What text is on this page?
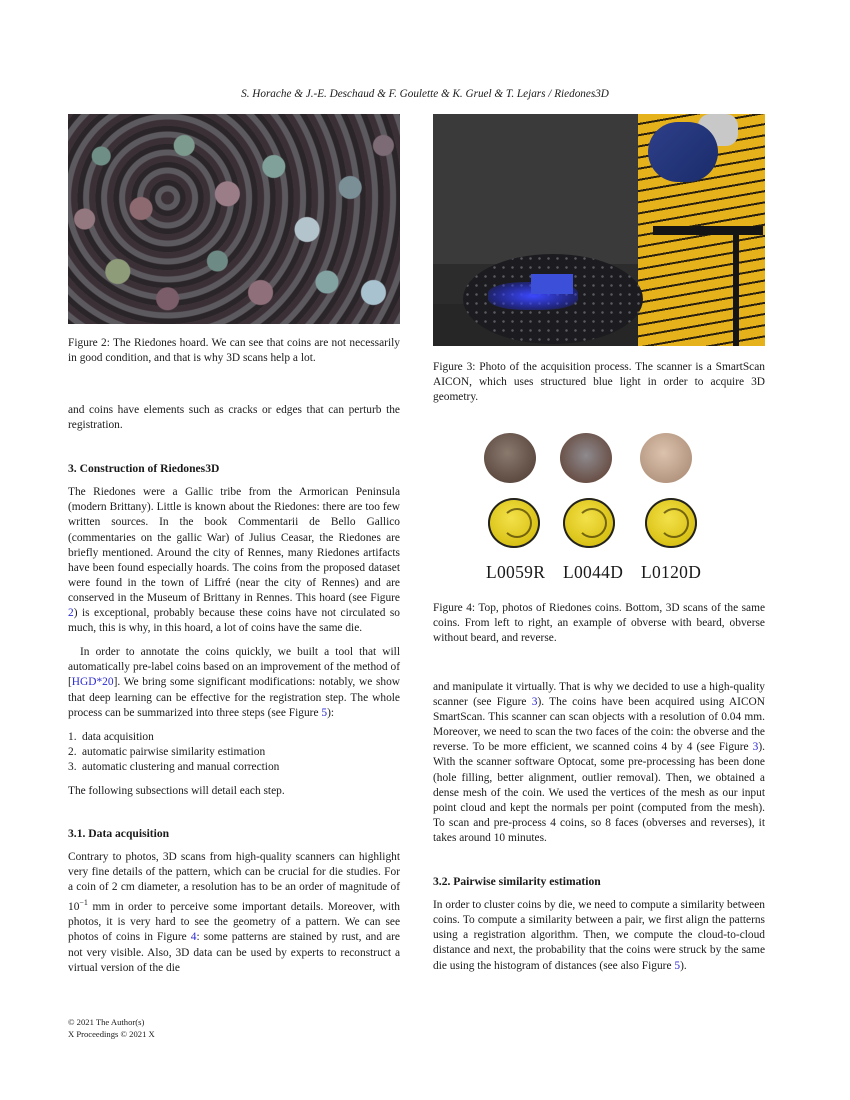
S. Horache & J.-E. Deschaud & F. Goulette & K. Gruel & T. Lejars / Riedones3D
Figure 2: The Riedones hoard. We can see that coins are not necessarily in good condition, and that is why 3D scans help a lot.
Figure 3: Photo of the acquisition process. The scanner is a SmartScan AICON, which uses structured blue light in order to acquire 3D geometry.
L0059R L0044D L0120D
Figure 4: Top, photos of Riedones coins. Bottom, 3D scans of the same coins. From left to right, an example of obverse with beard, obverse without beard, and reverse.

and coins have elements such as cracks or edges that can perturb the registration.

3. Construction of Riedones3D

The Riedones were a Gallic tribe from the Armorican Peninsula (modern Brittany). Little is known about the Riedones: there are too few written sources. In the book Commentarii de Bello Gallico (commentaries on the gallic War) of Julius Ceasar, the Riedones are briefly mentioned. Around the city of Rennes, many Riedones artifacts have been found especially hoards. The coins from the proposed dataset were found in the town of Liffré (near the city of Rennes) and are conserved in the Museum of Brittany in Rennes. This hoard (see Figure 2) is exceptional, probably because these coins have not circulated so much, this is why, in this hoard, a lot of coins have the same die.

In order to annotate the coins quickly, we built a tool that will automatically pre-label coins based on an improvement of the method of [HGD*20]. We bring some significant modifications: notably, we show that deep learning can be effective for the registration step. The whole process can be summarized into three steps (see Figure 5):

1. data acquisition
2. automatic pairwise similarity estimation
3. automatic clustering and manual correction

The following subsections will detail each step.

3.1. Data acquisition

Contrary to photos, 3D scans from high-quality scanners can highlight very fine details of the pattern, which can be crucial for die studies. For a coin of 2 cm diameter, a resolution has to be an order of magnitude of $10^{-1}$ mm in order to perceive some important details. Moreover, with photos, it is very hard to see the geometry of a pattern. We can see photos of coins in Figure 4: some patterns are stained by rust, and are not very visible. Also, 3D data can be used by experts to reconstruct a virtual version of the die

and manipulate it virtually. That is why we decided to use a high-quality scanner (see Figure 3). The coins have been acquired using AICON SmartScan. This scanner can scan objects with a resolution of 0.04 mm. Moreover, we need to scan the two faces of the coin: the obverse and the reverse. To be more efficient, we scanned coins 4 by 4 (see Figure 3). With the scanner software Optocat, some pre-processing has been done (hole filling, better alignment, outlier removal). Then, we obtained a dense mesh of the coin. We used the vertices of the mesh as our input point cloud and kept the normals per point (computed from the mesh). To scan and pre-process 4 coins, so 8 faces (obverses and reverses), it takes around 10 minutes.

3.2. Pairwise similarity estimation

In order to cluster coins by die, we need to compute a similarity between coins. To compute a similarity between a pair, we first align the patterns using a registration algorithm. Then, we compute the cloud-to-cloud distance and next, the probability that the coins were struck by the same die using the histogram of distances (see also Figure 5).

© 2021 The Author(s)
X Proceedings © 2021 X
